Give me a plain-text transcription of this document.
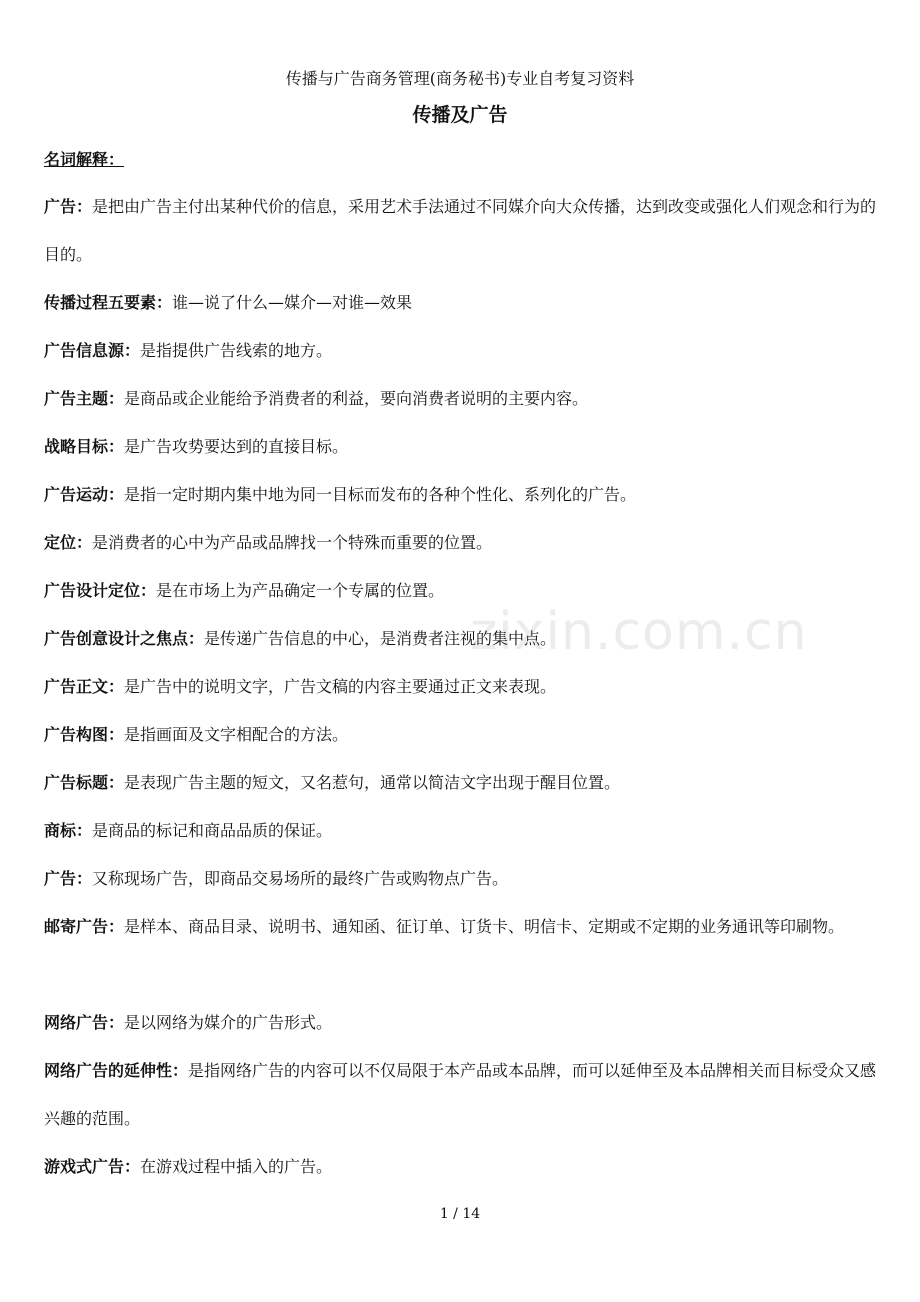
传播与广告商务管理(商务秘书)专业自考复习资料
传播及广告
名词解释：
广告：是把由广告主付出某种代价的信息，采用艺术手法通过不同媒介向大众传播，达到改变或强化人们观念和行为的目的。
传播过程五要素：谁—说了什么—媒介—对谁—效果
广告信息源：是指提供广告线索的地方。
广告主题：是商品或企业能给予消费者的利益，要向消费者说明的主要内容。
战略目标：是广告攻势要达到的直接目标。
广告运动：是指一定时期内集中地为同一目标而发布的各种个性化、系列化的广告。
定位：是消费者的心中为产品或品牌找一个特殊而重要的位置。
广告设计定位：是在市场上为产品确定一个专属的位置。
广告创意设计之焦点：是传递广告信息的中心，是消费者注视的集中点。
广告正文：是广告中的说明文字，广告文稿的内容主要通过正文来表现。
广告构图：是指画面及文字相配合的方法。
广告标题：是表现广告主题的短文，又名惹句，通常以简洁文字出现于醒目位置。
商标：是商品的标记和商品品质的保证。
广告：又称现场广告，即商品交易场所的最终广告或购物点广告。
邮寄广告：是样本、商品目录、说明书、通知函、征订单、订货卡、明信卡、定期或不定期的业务通讯等印刷物。
网络广告：是以网络为媒介的广告形式。
网络广告的延伸性：是指网络广告的内容可以不仅局限于本产品或本品牌，而可以延伸至及本品牌相关而目标受众又感兴趣的范围。
游戏式广告：在游戏过程中插入的广告。
zixin.com.cn
1 / 14
